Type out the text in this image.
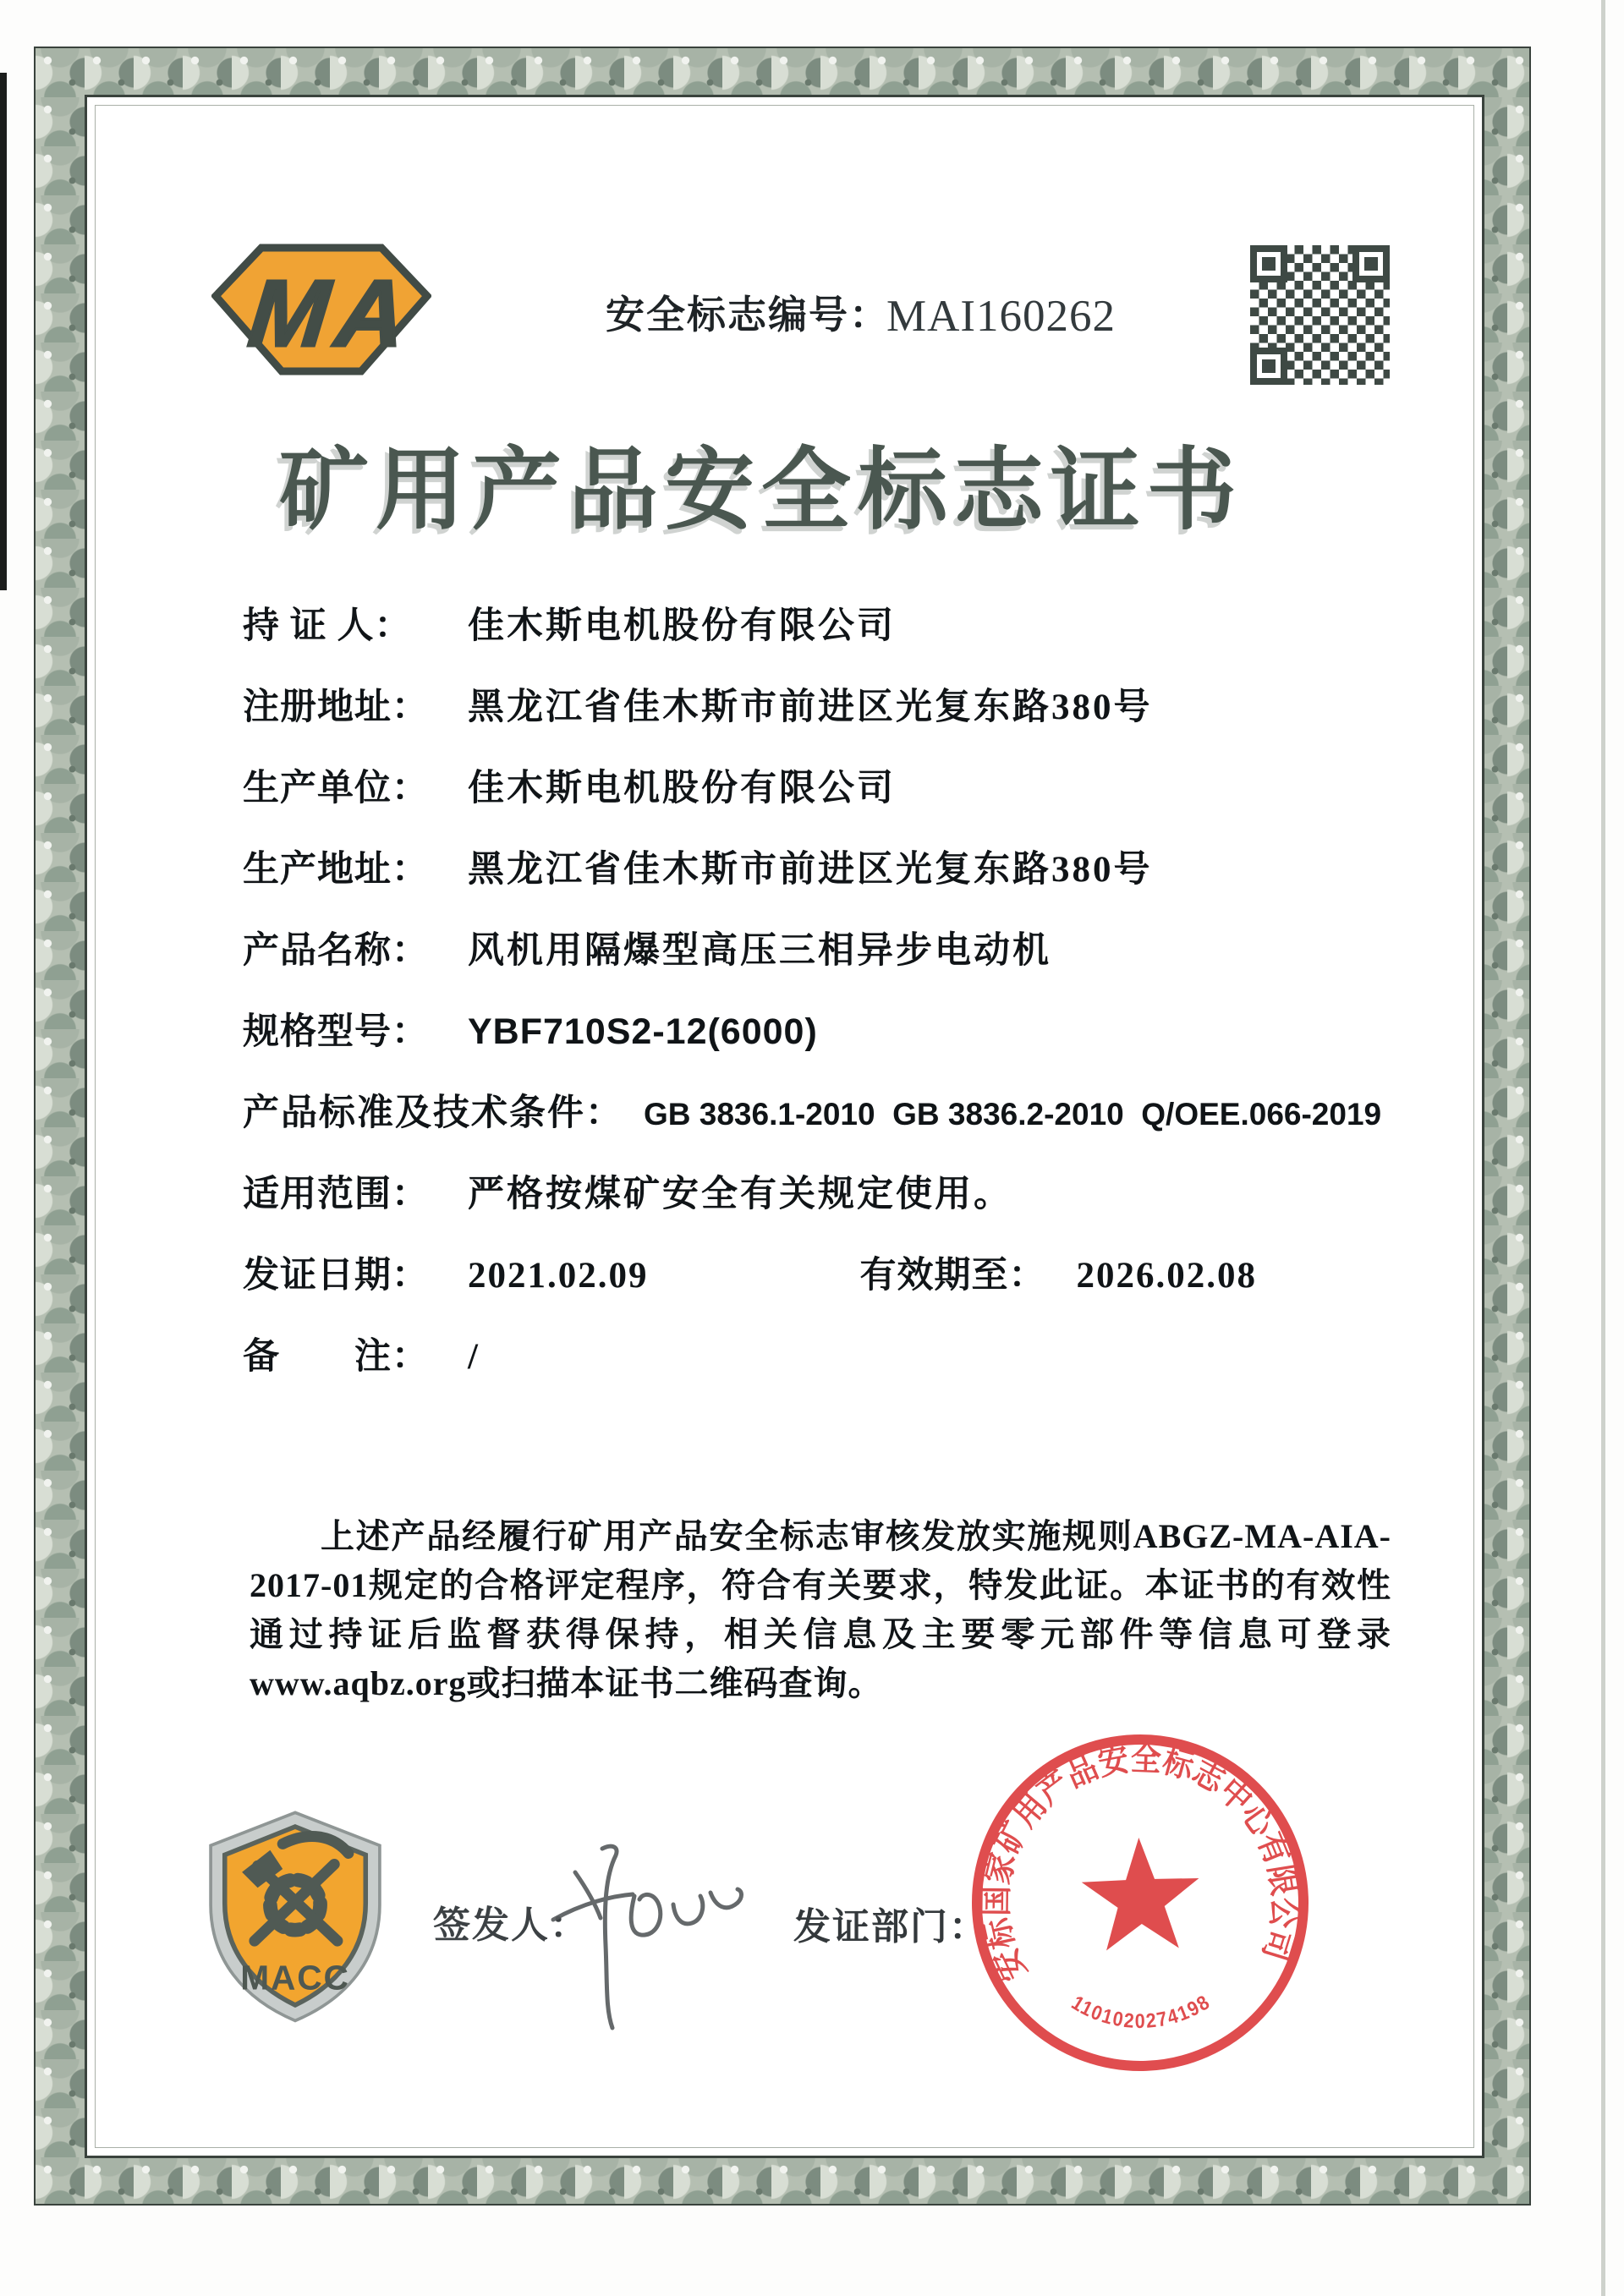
MA	安全标志编号：
MAI160262
矿用产品安全标志证书
持 证 人：	佳木斯电机股份有限公司
注册地址：	黑龙江省佳木斯市前进区光复东路380号
生产单位：	佳木斯电机股份有限公司
生产地址：	黑龙江省佳木斯市前进区光复东路380号
产品名称：	风机用隔爆型高压三相异步电动机
规格型号：	YBF710S2-12(6000)
产品标准及技术条件： GB 3836.1-2010  GB 3836.2-2010  Q/OEE.066-2019
适用范围：	严格按煤矿安全有关规定使用。
发证日期：	2021.02.09	有效期至： 2026.02.08
备　　注：	/

上述产品经履行矿用产品安全标志审核发放实施规则ABGZ-MA-AIA-2017-01规定的合格评定程序，符合有关要求，特发此证。本证书的有效性通过持证后监督获得保持，相关信息及主要零元部件等信息可登录www.aqbz.org或扫描本证书二维码查询。

MACC
签发人：	发证部门：
安标国家矿用产品安全标志中心有限公司
1101020274198
